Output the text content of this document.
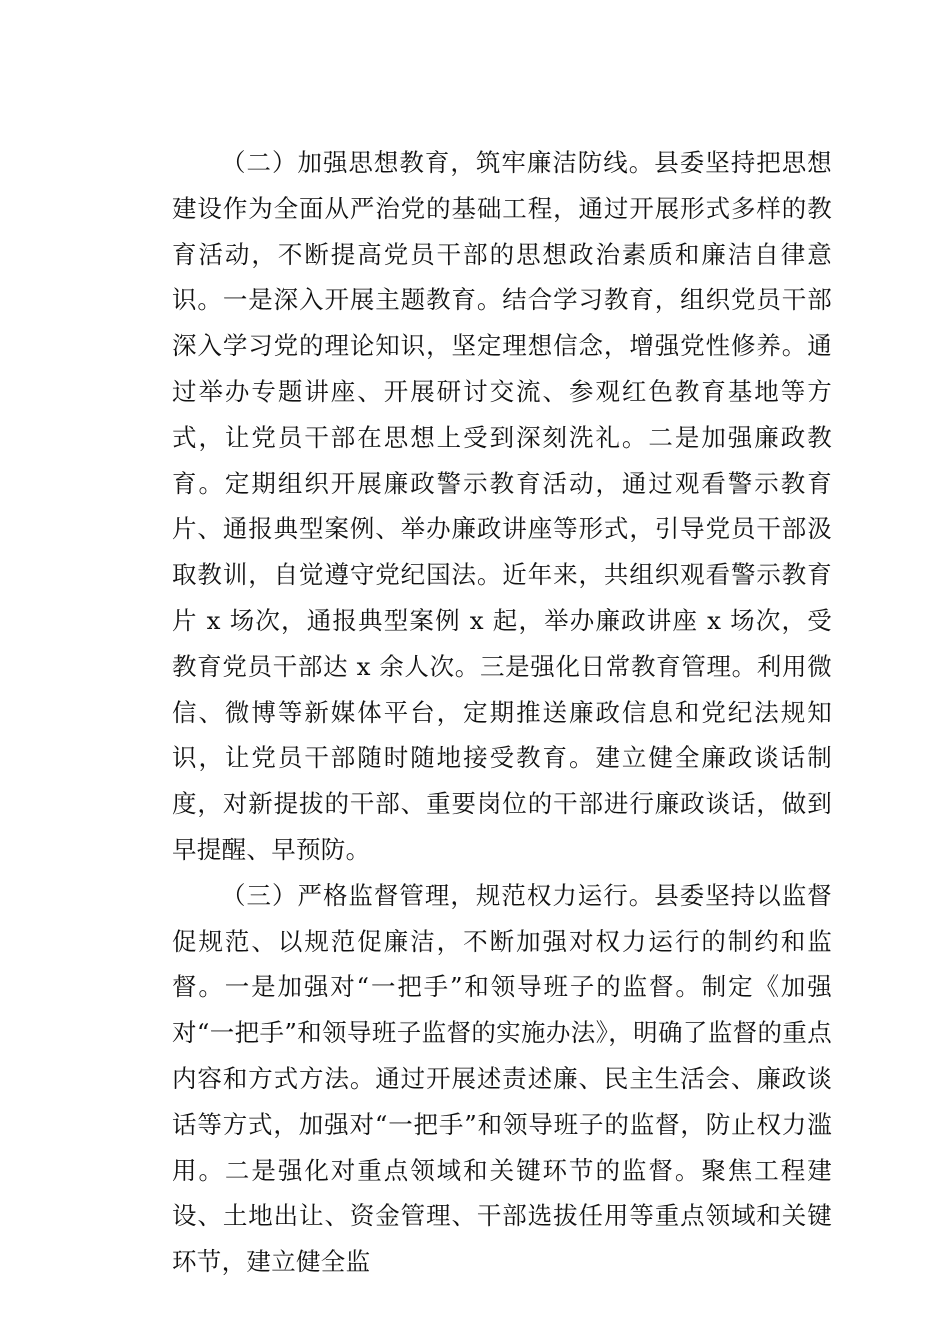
（二）加强思想教育，筑牢廉洁防线。县委坚持把思想建设作为全面从严治党的基础工程，通过开展形式多样的教育活动，不断提高党员干部的思想政治素质和廉洁自律意识。一是深入开展主题教育。结合学习教育，组织党员干部深入学习党的理论知识，坚定理想信念，增强党性修养。通过举办专题讲座、开展研讨交流、参观红色教育基地等方式，让党员干部在思想上受到深刻洗礼。二是加强廉政教育。定期组织开展廉政警示教育活动，通过观看警示教育片、通报典型案例、举办廉政讲座等形式，引导党员干部汲取教训，自觉遵守党纪国法。近年来，共组织观看警示教育片 x 场次，通报典型案例 x 起，举办廉政讲座 x 场次，受教育党员干部达 x 余人次。三是强化日常教育管理。利用微信、微博等新媒体平台，定期推送廉政信息和党纪法规知识，让党员干部随时随地接受教育。建立健全廉政谈话制度，对新提拔的干部、重要岗位的干部进行廉政谈话，做到早提醒、早预防。

（三）严格监督管理，规范权力运行。县委坚持以监督促规范、以规范促廉洁，不断加强对权力运行的制约和监督。一是加强对“一把手”和领导班子的监督。制定《加强对“一把手”和领导班子监督的实施办法》，明确了监督的重点内容和方式方法。通过开展述责述廉、民主生活会、廉政谈话等方式，加强对“一把手”和领导班子的监督，防止权力滥用。二是强化对重点领域和关键环节的监督。聚焦工程建设、土地出让、资金管理、干部选拔任用等重点领域和关键环节，建立健全监
